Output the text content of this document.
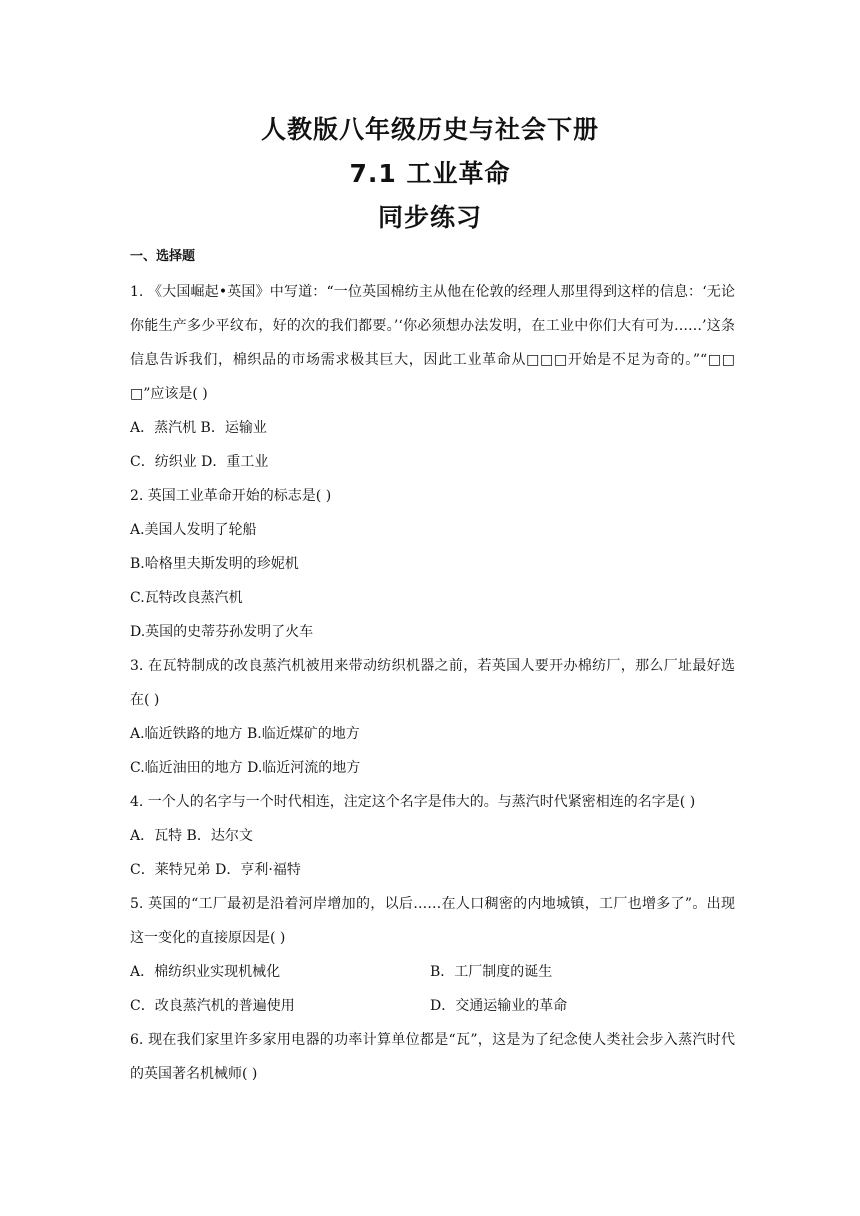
人教版八年级历史与社会下册
7.1 工业革命
同步练习
一、选择题
1. 《大国崛起•英国》中写道：“一位英国棉纺主从他在伦敦的经理人那里得到这样的信息：‘无论你能生产多少平纹布，好的次的我们都要。’‘你必须想办法发明，在工业中你们大有可为……’这条信息告诉我们，棉织品的市场需求极其巨大，因此工业革命从□□□开始是不足为奇的。”“□□□”应该是( )
A．蒸汽机 B．运输业
C．纺织业 D．重工业
2. 英国工业革命开始的标志是( )
A.美国人发明了轮船
B.哈格里夫斯发明的珍妮机
C.瓦特改良蒸汽机
D.英国的史蒂芬孙发明了火车
3. 在瓦特制成的改良蒸汽机被用来带动纺织机器之前，若英国人要开办棉纺厂，那么厂址最好选在( )
A.临近铁路的地方 B.临近煤矿的地方
C.临近油田的地方 D.临近河流的地方
4. 一个人的名字与一个时代相连，注定这个名字是伟大的。与蒸汽时代紧密相连的名字是( )
A．瓦特 B．达尔文
C．莱特兄弟 D．亨利·福特
5. 英国的“工厂最初是沿着河岸增加的，以后……在人口稠密的内地城镇，工厂也增多了”。出现这一变化的直接原因是( )
A．棉纺织业实现机械化	B．工厂制度的诞生
C．改良蒸汽机的普遍使用	D．交通运输业的革命
6. 现在我们家里许多家用电器的功率计算单位都是“瓦”，这是为了纪念使人类社会步入蒸汽时代的英国著名机械师( )
